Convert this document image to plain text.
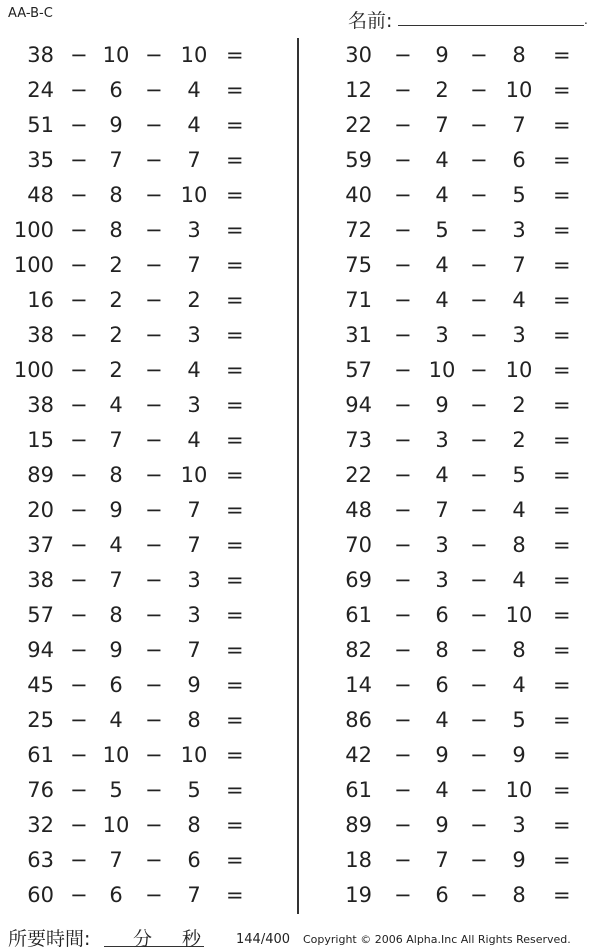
AA-B-C	名前:	.
38 − 10 − 10 =
24 −	6	−	4	=
51 −	9	−	4	=
35 −	7	−	7	=
48 −	8	− 10 =
100 −	8	−	3	=
100 −	2	−	7	=
16 −	2	−	2	=
38 −	2	−	3	=
100 −	2	−	4	=
38 −	4	−	3	=
15 −	7	−	4	=
89 −	8	− 10 =
20 −	9	−	7	=
37 −	4	−	7	=
38 −	7	−	3	=
57 −	8	−	3	=
94 −	9	−	7	=
45 −	6	−	9	=
25 −	4	−	8	=
61 − 10 − 10 =
76 −	5	−	5	=
32 − 10 −	8	=
63 −	7	−	6	=
60 −	6	−	7	=
30 −	9	−	8	=
12 −	2	− 10 =
22 −	7	−	7	=
59 −	4	−	6	=
40 −	4	−	5	=
72 −	5	−	3	=
75 −	4	−	7	=
71 −	4	−	4	=
31 −	3	−	3	=
57 − 10 − 10 =
94 −	9	−	2	=
73 −	3	−	2	=
22 −	4	−	5	=
48 −	7	−	4	=
70 −	3	−	8	=
69 −	3	−	4	=
61 −	6	− 10 =
82 −	8	−	8	=
14 −	6	−	4	=
86 −	4	−	5	=
42 −	9	−	9	=
61 −	4	− 10 =
89 −	9	−	3	=
18 −	7	−	9	=
19 −	6	−	8	=
所要時間: 分 秒	144/400 Copyright © 2006 Alpha.Inc All Rights Reserved.
